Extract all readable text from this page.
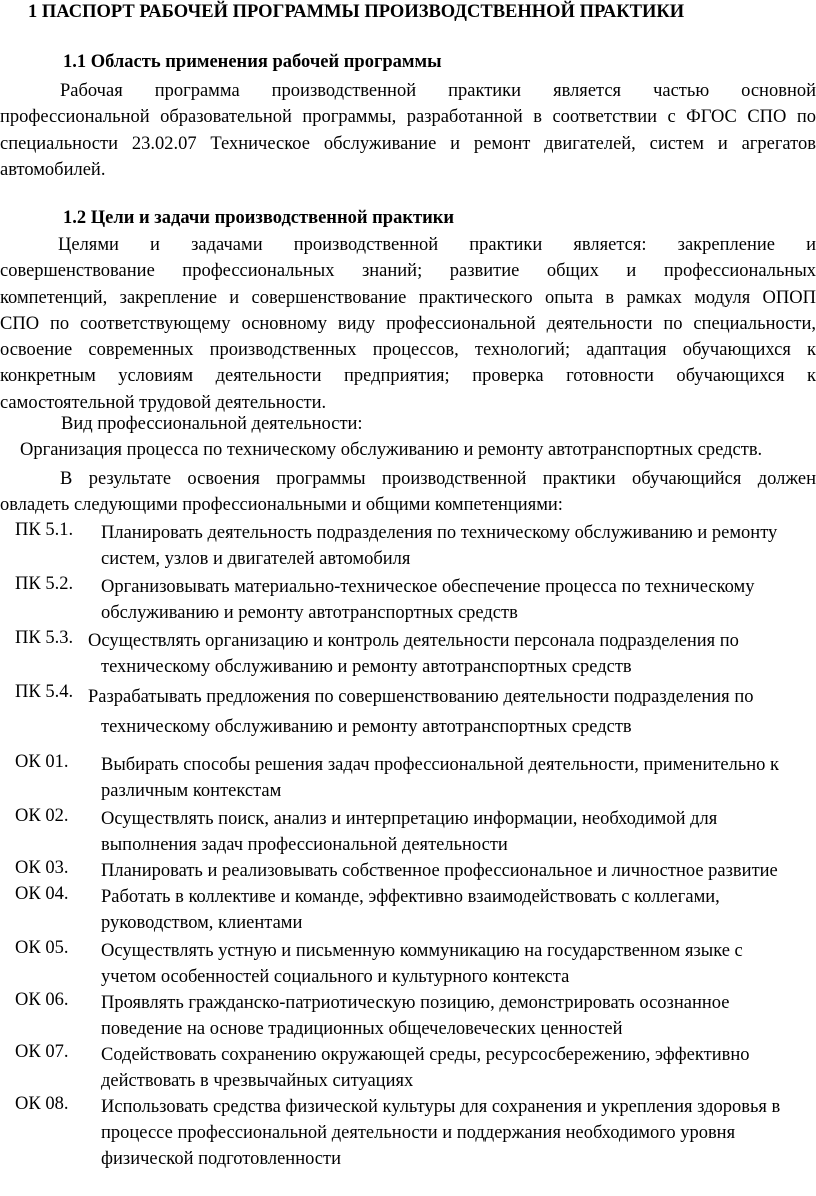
1 ПАСПОРТ РАБОЧЕЙ ПРОГРАММЫ ПРОИЗВОДСТВЕННОЙ ПРАКТИКИ
1.1 Область применения рабочей программы
Рабочая программа производственной практики является частью основной
профессиональной образовательной программы, разработанной в соответствии с ФГОС СПО по
специальности 23.02.07 Техническое обслуживание и ремонт двигателей, систем и агрегатов
автомобилей.
1.2 Цели и задачи производственной практики
Целями и задачами производственной практики является: закрепление и
совершенствование профессиональных знаний; развитие общих и профессиональных
компетенций, закрепление и совершенствование практического опыта в рамках модуля ОПОП
СПО по соответствующему основному виду профессиональной деятельности по специальности,
освоение современных производственных процессов, технологий; адаптация обучающихся к
конкретным условиям деятельности предприятия; проверка готовности обучающихся к
самостоятельной трудовой деятельности.
Вид профессиональной деятельности:
Организация процесса по техническому обслуживанию и ремонту автотранспортных средств.
В результате освоения программы производственной практики обучающийся должен
овладеть следующими профессиональными и общими компетенциями:
ПК 5.1. Планировать деятельность подразделения по техническому обслуживанию и ремонту
систем, узлов и двигателей автомобиля
ПК 5.2. Организовывать материально-техническое обеспечение процесса по техническому
обслуживанию и ремонту автотранспортных средств
ПК 5.3. Осуществлять организацию и контроль деятельности персонала подразделения по
техническому обслуживанию и ремонту автотранспортных средств
ПК 5.4. Разрабатывать предложения по совершенствованию деятельности подразделения по
техническому обслуживанию и ремонту автотранспортных средств
ОК 01. Выбирать способы решения задач профессиональной деятельности, применительно к
различным контекстам
ОК 02. Осуществлять поиск, анализ и интерпретацию информации, необходимой для
выполнения задач профессиональной деятельности
ОК 03. Планировать и реализовывать собственное профессиональное и личностное развитие
ОК 04. Работать в коллективе и команде, эффективно взаимодействовать с коллегами,
руководством, клиентами
ОК 05. Осуществлять устную и письменную коммуникацию на государственном языке с
учетом особенностей социального и культурного контекста
ОК 06. Проявлять гражданско-патриотическую позицию, демонстрировать осознанное
поведение на основе традиционных общечеловеческих ценностей
ОК 07. Содействовать сохранению окружающей среды, ресурсосбережению, эффективно
действовать в чрезвычайных ситуациях
ОК 08. Использовать средства физической культуры для сохранения и укрепления здоровья в
процессе профессиональной деятельности и поддержания необходимого уровня
физической подготовленности
